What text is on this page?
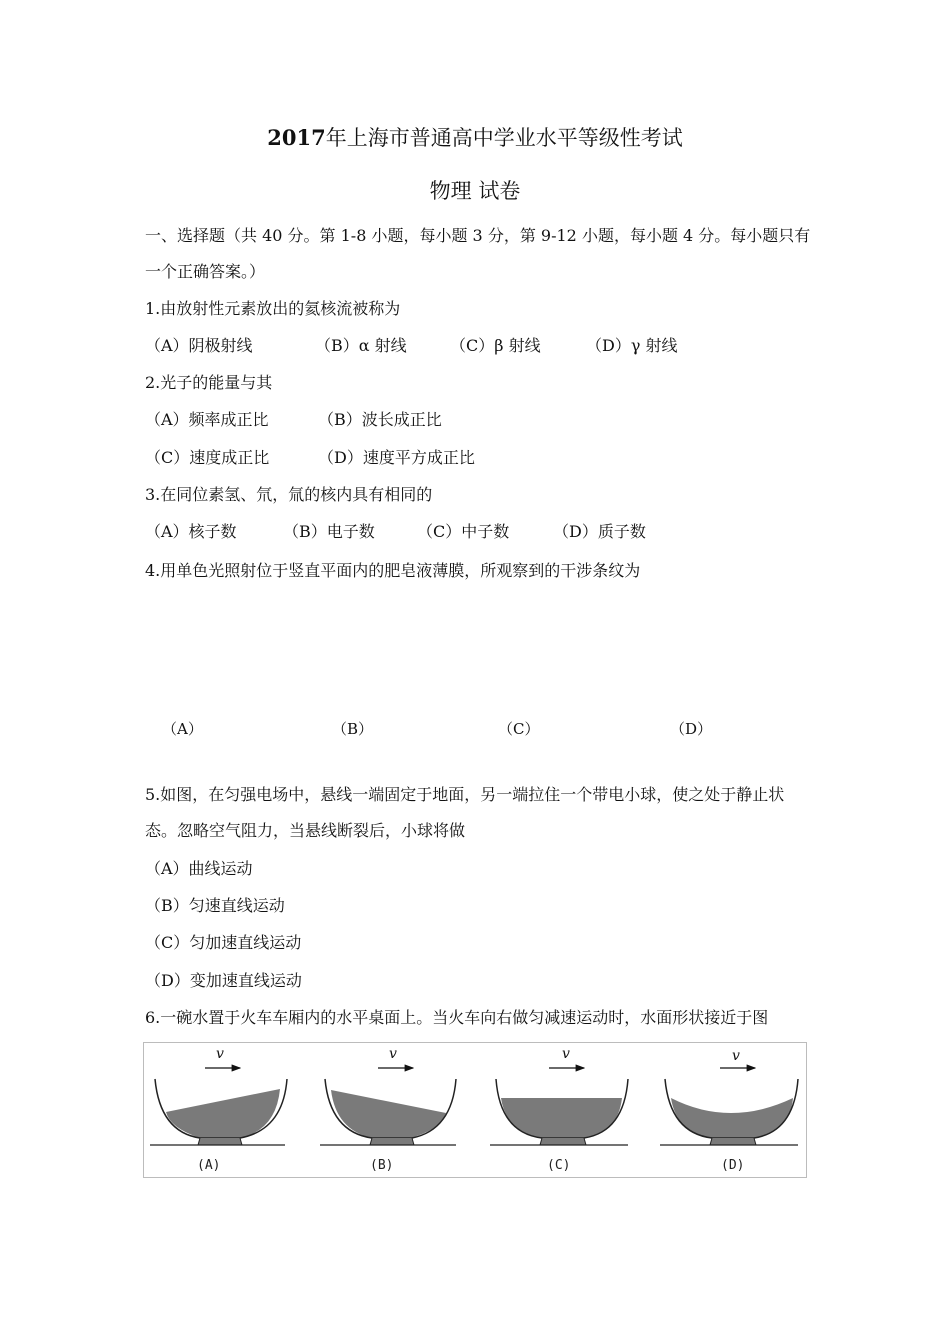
2017年上海市普通高中学业水平等级性考试
物理 试卷
一、选择题（共 40 分。第 1-8 小题，每小题 3 分，第 9-12 小题，每小题 4 分。每小题只有
一个正确答案。）
1.由放射性元素放出的氦核流被称为
（A）阴极射线	（B）α 射线	（C）β 射线	（D）γ 射线
2.光子的能量与其
（A）频率成正比	（B）波长成正比
（C）速度成正比	（D）速度平方成正比
3.在同位素氢、氘，氚的核内具有相同的
（A）核子数	（B）电子数	（C）中子数	（D）质子数
4.用单色光照射位于竖直平面内的肥皂液薄膜，所观察到的干涉条纹为
（A）	（B）	（C）	（D）
5.如图，在匀强电场中，悬线一端固定于地面，另一端拉住一个带电小球，使之处于静止状
态。忽略空气阻力，当悬线断裂后，小球将做
（A）曲线运动
（B）匀速直线运动
（C）匀加速直线运动
（D）变加速直线运动
6.一碗水置于火车车厢内的水平桌面上。当火车向右做匀减速运动时，水面形状接近于图
v	v	v	v
(A)	(B)	(C)	(D)
